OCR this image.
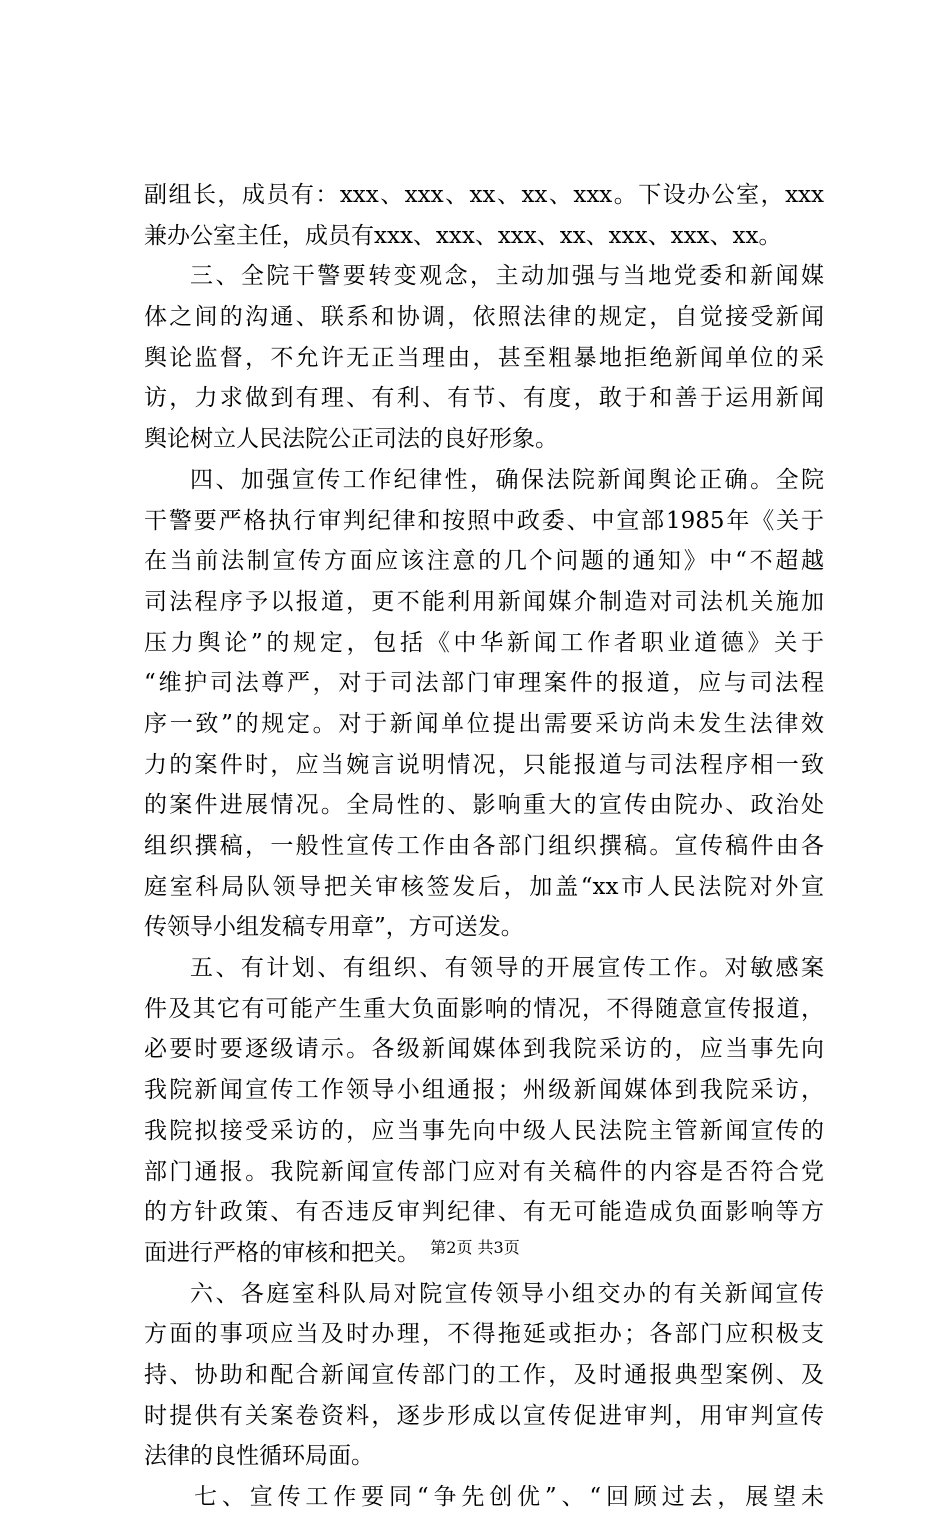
副组长，成员有：xxx、xxx、xx、xx、xxx。下设办公室，xxx
兼办公室主任，成员有xxx、xxx、xxx、xx、xxx、xxx、xx。
三、全院干警要转变观念，主动加强与当地党委和新闻媒
体之间的沟通、联系和协调，依照法律的规定，自觉接受新闻
舆论监督，不允许无正当理由，甚至粗暴地拒绝新闻单位的采
访，力求做到有理、有利、有节、有度，敢于和善于运用新闻
舆论树立人民法院公正司法的良好形象。
四、加强宣传工作纪律性，确保法院新闻舆论正确。全院
干警要严格执行审判纪律和按照中政委、中宣部1985年《关于
在当前法制宣传方面应该注意的几个问题的通知》中“不超越
司法程序予以报道，更不能利用新闻媒介制造对司法机关施加
压力舆论”的规定，包括《中华新闻工作者职业道德》关于
“维护司法尊严，对于司法部门审理案件的报道，应与司法程
序一致”的规定。对于新闻单位提出需要采访尚未发生法律效
力的案件时，应当婉言说明情况，只能报道与司法程序相一致
的案件进展情况。全局性的、影响重大的宣传由院办、政治处
组织撰稿，一般性宣传工作由各部门组织撰稿。宣传稿件由各
庭室科局队领导把关审核签发后，加盖“xx市人民法院对外宣
传领导小组发稿专用章”，方可送发。
五、有计划、有组织、有领导的开展宣传工作。对敏感案
件及其它有可能产生重大负面影响的情况，不得随意宣传报道，
必要时要逐级请示。各级新闻媒体到我院采访的，应当事先向
我院新闻宣传工作领导小组通报；州级新闻媒体到我院采访，
我院拟接受采访的，应当事先向中级人民法院主管新闻宣传的
部门通报。我院新闻宣传部门应对有关稿件的内容是否符合党
的方针政策、有否违反审判纪律、有无可能造成负面影响等方
面进行严格的审核和把关。
六、各庭室科队局对院宣传领导小组交办的有关新闻宣传
方面的事项应当及时办理，不得拖延或拒办；各部门应积极支
持、协助和配合新闻宣传部门的工作，及时通报典型案例、及
时提供有关案卷资料，逐步形成以宣传促进审判，用审判宣传
法律的良性循环局面。
七、宣传工作要同“争先创优”、“回顾过去，展望未
第2页 共3页
